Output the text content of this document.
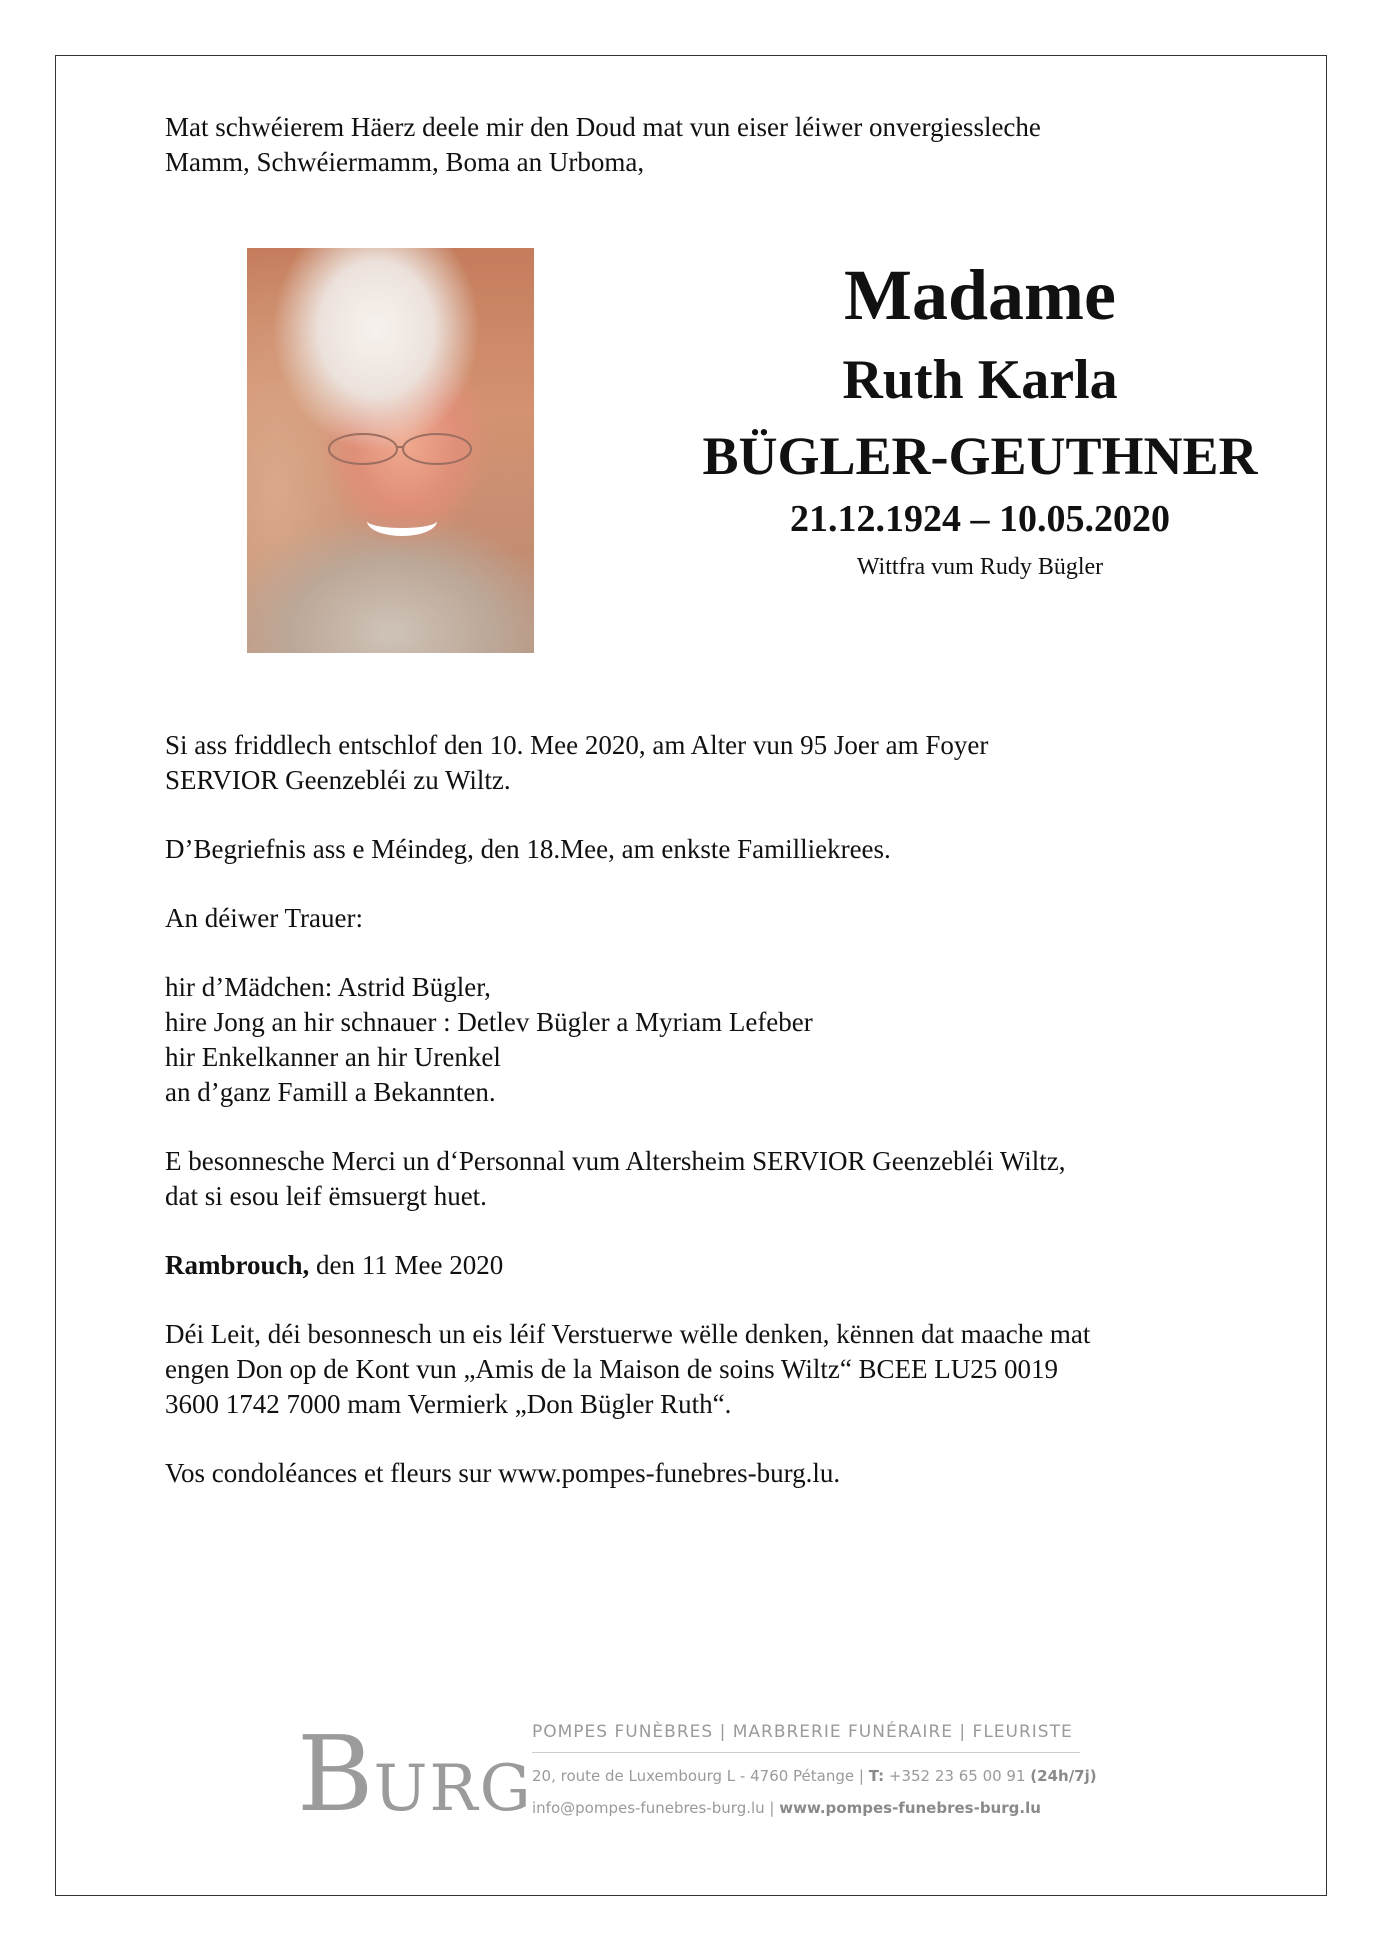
Mat schwéierem Häerz deele mir den Doud mat vun eiser léiwer onvergiessleche
Mamm, Schwéiermamm, Boma an Urboma,

Madame

Ruth Karla

BÜGLER-GEUTHNER

21.12.1924 – 10.05.2020

Wittfra vum Rudy Bügler

Si ass friddlech entschlof den 10. Mee 2020, am Alter vun 95 Joer am Foyer
SERVIOR Geenzebléi zu Wiltz.

D’Begriefnis ass e Méindeg, den 18.Mee, am enkste Familliekrees.

An déiwer Trauer:

hir d’Mädchen: Astrid Bügler,
hire Jong an hir schnauer : Detlev Bügler a Myriam Lefeber
hir Enkelkanner an hir Urenkel
an d’ganz Famill a Bekannten.

E besonnesche Merci un d‘Personnal vum Altersheim SERVIOR Geenzebléi Wiltz,
dat si esou leif ëmsuergt huet.

Rambrouch, den 11 Mee 2020

Déi Leit, déi besonnesch un eis léif Verstuerwe wëlle denken, kënnen dat maache mat
engen Don op de Kont vun „Amis de la Maison de soins Wiltz“ BCEE LU25 0019
3600 1742 7000 mam Vermierk „Don Bügler Ruth“.

Vos condoléances et fleurs sur www.pompes-funebres-burg.lu.

BURG
POMPES FUNÈBRES | MARBRERIE FUNÉRAIRE | FLEURISTE
20, route de Luxembourg L - 4760 Pétange | T: +352 23 65 00 91 (24h/7j)
info@pompes-funebres-burg.lu | www.pompes-funebres-burg.lu
